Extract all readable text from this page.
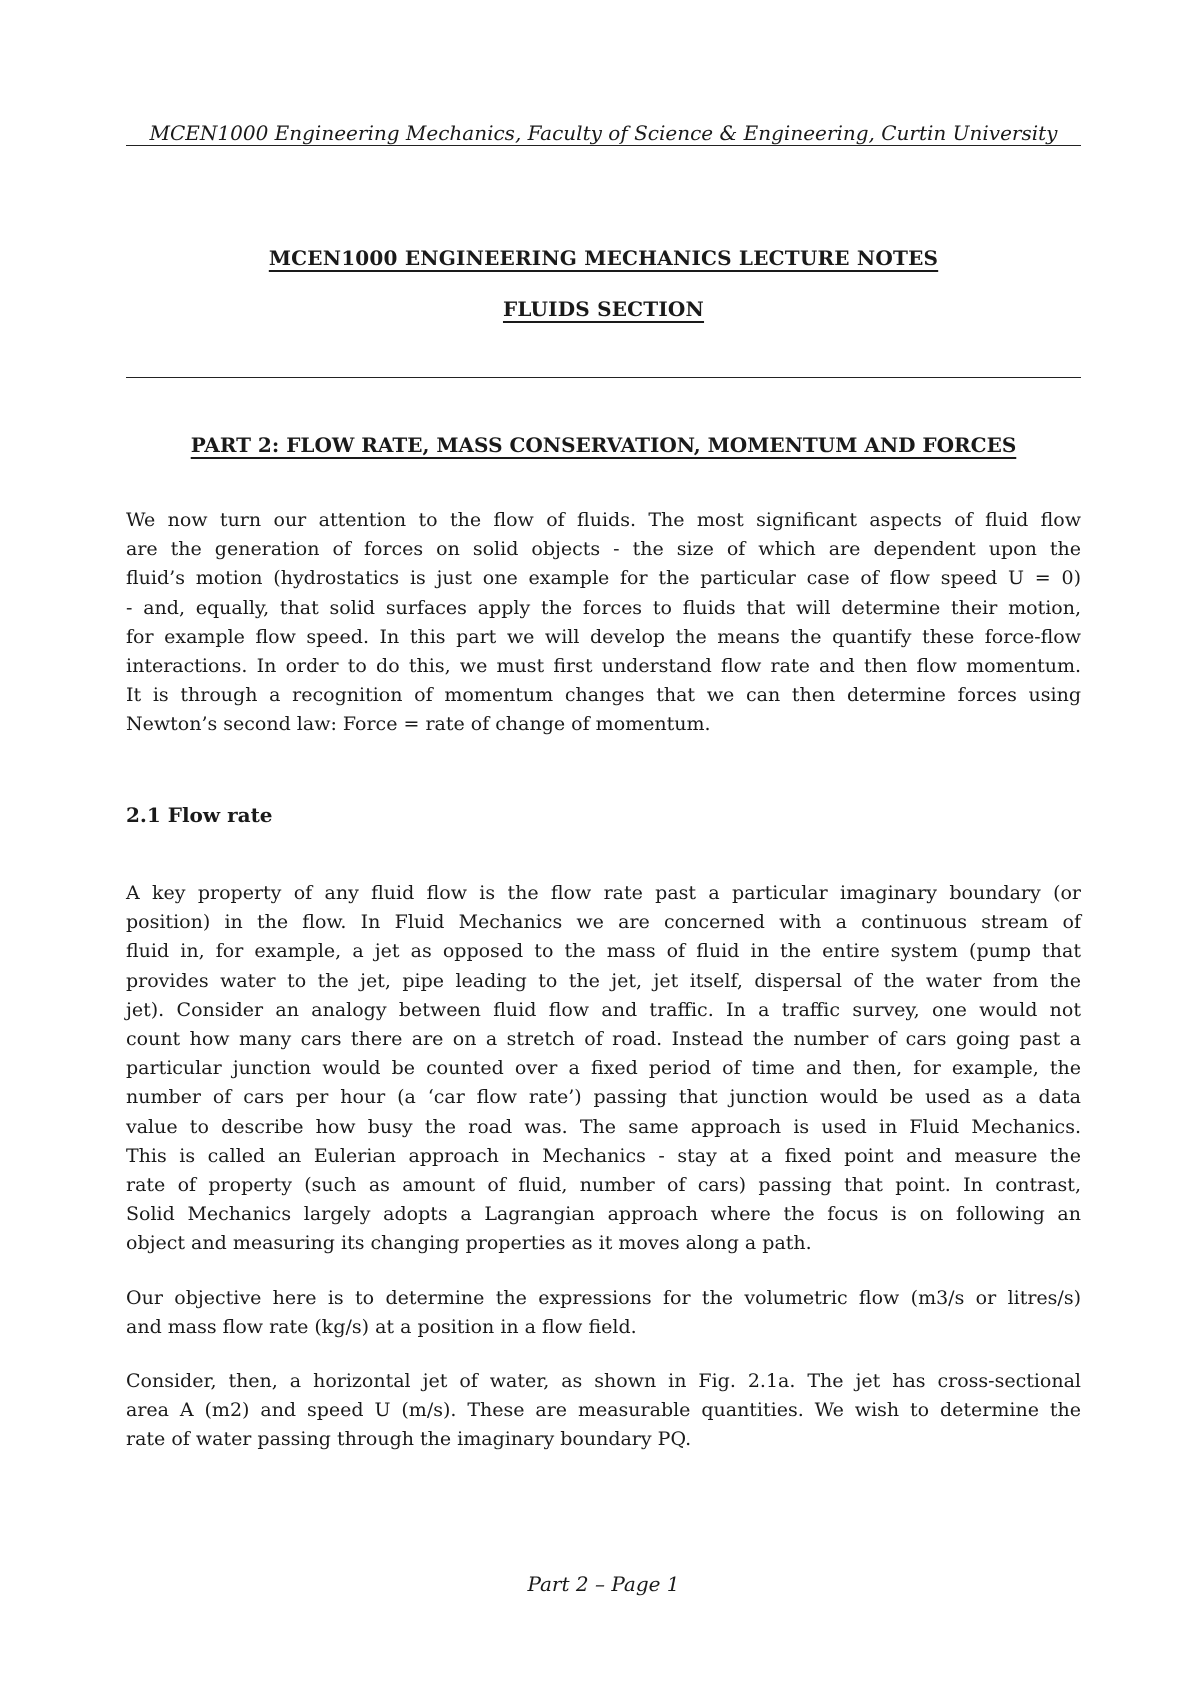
MCEN1000 Engineering Mechanics, Faculty of Science & Engineering, Curtin University
MCEN1000 ENGINEERING MECHANICS LECTURE NOTES
FLUIDS SECTION
PART 2: FLOW RATE, MASS CONSERVATION, MOMENTUM AND FORCES
We now turn our attention to the flow of fluids. The most significant aspects of fluid flow
are the generation of forces on solid objects - the size of which are dependent upon the
fluid’s motion (hydrostatics is just one example for the particular case of flow speed U = 0)
- and, equally, that solid surfaces apply the forces to fluids that will determine their motion,
for example flow speed. In this part we will develop the means the quantify these force-flow
interactions. In order to do this, we must first understand flow rate and then flow momentum.
It is through a recognition of momentum changes that we can then determine forces using
Newton’s second law: Force = rate of change of momentum.
2.1 Flow rate
A key property of any fluid flow is the flow rate past a particular imaginary boundary (or
position) in the flow. In Fluid Mechanics we are concerned with a continuous stream of
fluid in, for example, a jet as opposed to the mass of fluid in the entire system (pump that
provides water to the jet, pipe leading to the jet, jet itself, dispersal of the water from the
jet). Consider an analogy between fluid flow and traffic. In a traffic survey, one would not
count how many cars there are on a stretch of road. Instead the number of cars going past a
particular junction would be counted over a fixed period of time and then, for example, the
number of cars per hour (a ‘car flow rate’) passing that junction would be used as a data
value to describe how busy the road was. The same approach is used in Fluid Mechanics.
This is called an Eulerian approach in Mechanics - stay at a fixed point and measure the
rate of property (such as amount of fluid, number of cars) passing that point. In contrast,
Solid Mechanics largely adopts a Lagrangian approach where the focus is on following an
object and measuring its changing properties as it moves along a path.
Our objective here is to determine the expressions for the volumetric flow (m3/s or litres/s)
and mass flow rate (kg/s) at a position in a flow field.
Consider, then, a horizontal jet of water, as shown in Fig. 2.1a. The jet has cross-sectional
area A (m2) and speed U (m/s). These are measurable quantities. We wish to determine the
rate of water passing through the imaginary boundary PQ.
Part 2 – Page 1
